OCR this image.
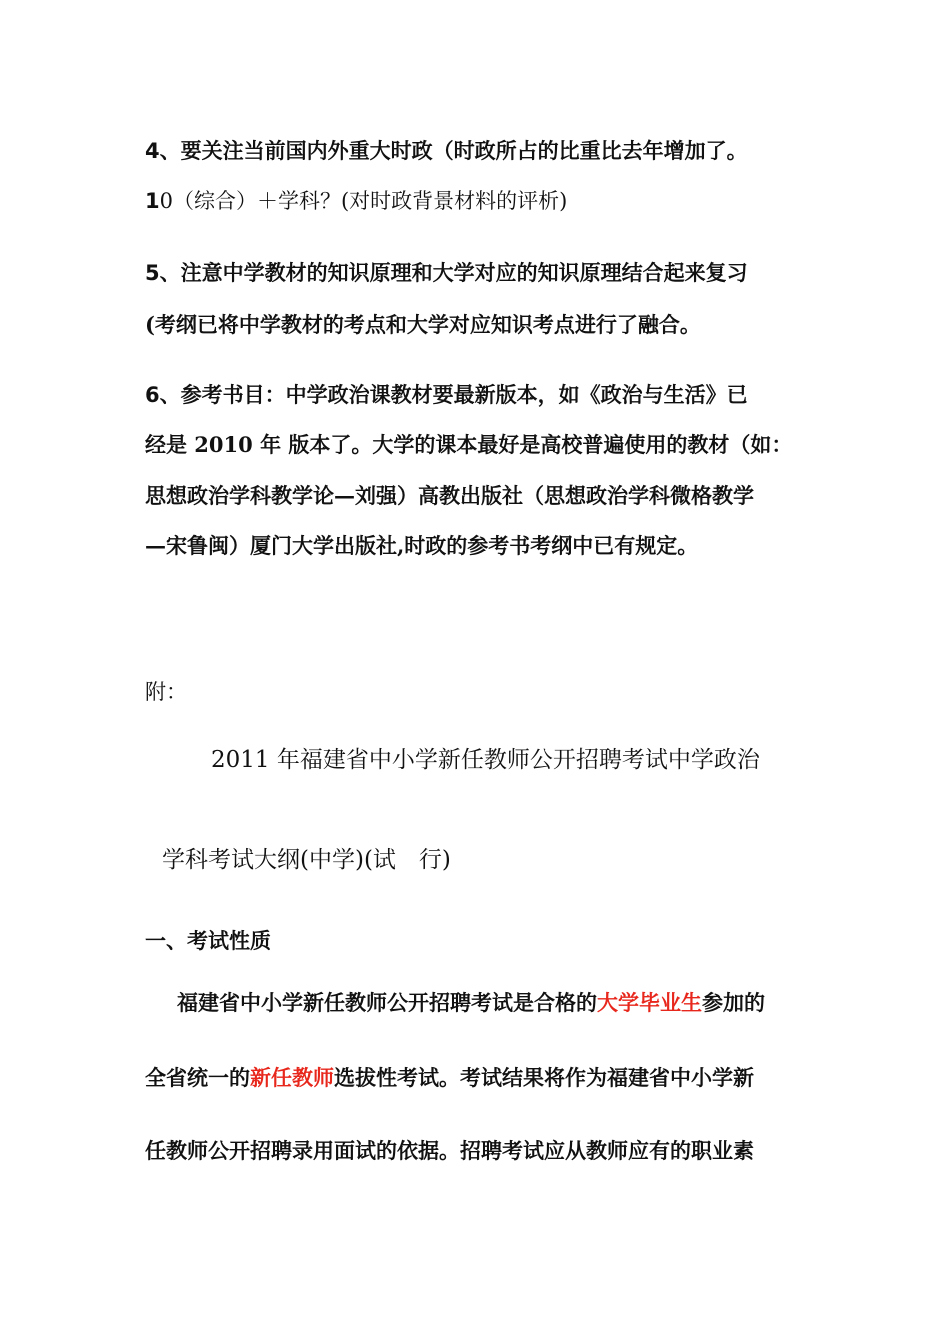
4、要关注当前国内外重大时政（时政所占的比重比去年增加了。
10（综合）＋学科？(对时政背景材料的评析)
5、注意中学教材的知识原理和大学对应的知识原理结合起来复习
(考纲已将中学教材的考点和大学对应知识考点进行了融合。
6、参考书目：中学政治课教材要最新版本，如《政治与生活》已
经是 2010 年 版本了。大学的课本最好是高校普遍使用的教材（如：
思想政治学科教学论—刘强）高教出版社（思想政治学科微格教学
—宋鲁闽）厦门大学出版社,时政的参考书考纲中已有规定。
附：
2011 年福建省中小学新任教师公开招聘考试中学政治
学科考试大纲(中学)(试　行)
一、考试性质
福建省中小学新任教师公开招聘考试是合格的大学毕业生参加的
全省统一的新任教师选拔性考试。考试结果将作为福建省中小学新
任教师公开招聘录用面试的依据。招聘考试应从教师应有的职业素
